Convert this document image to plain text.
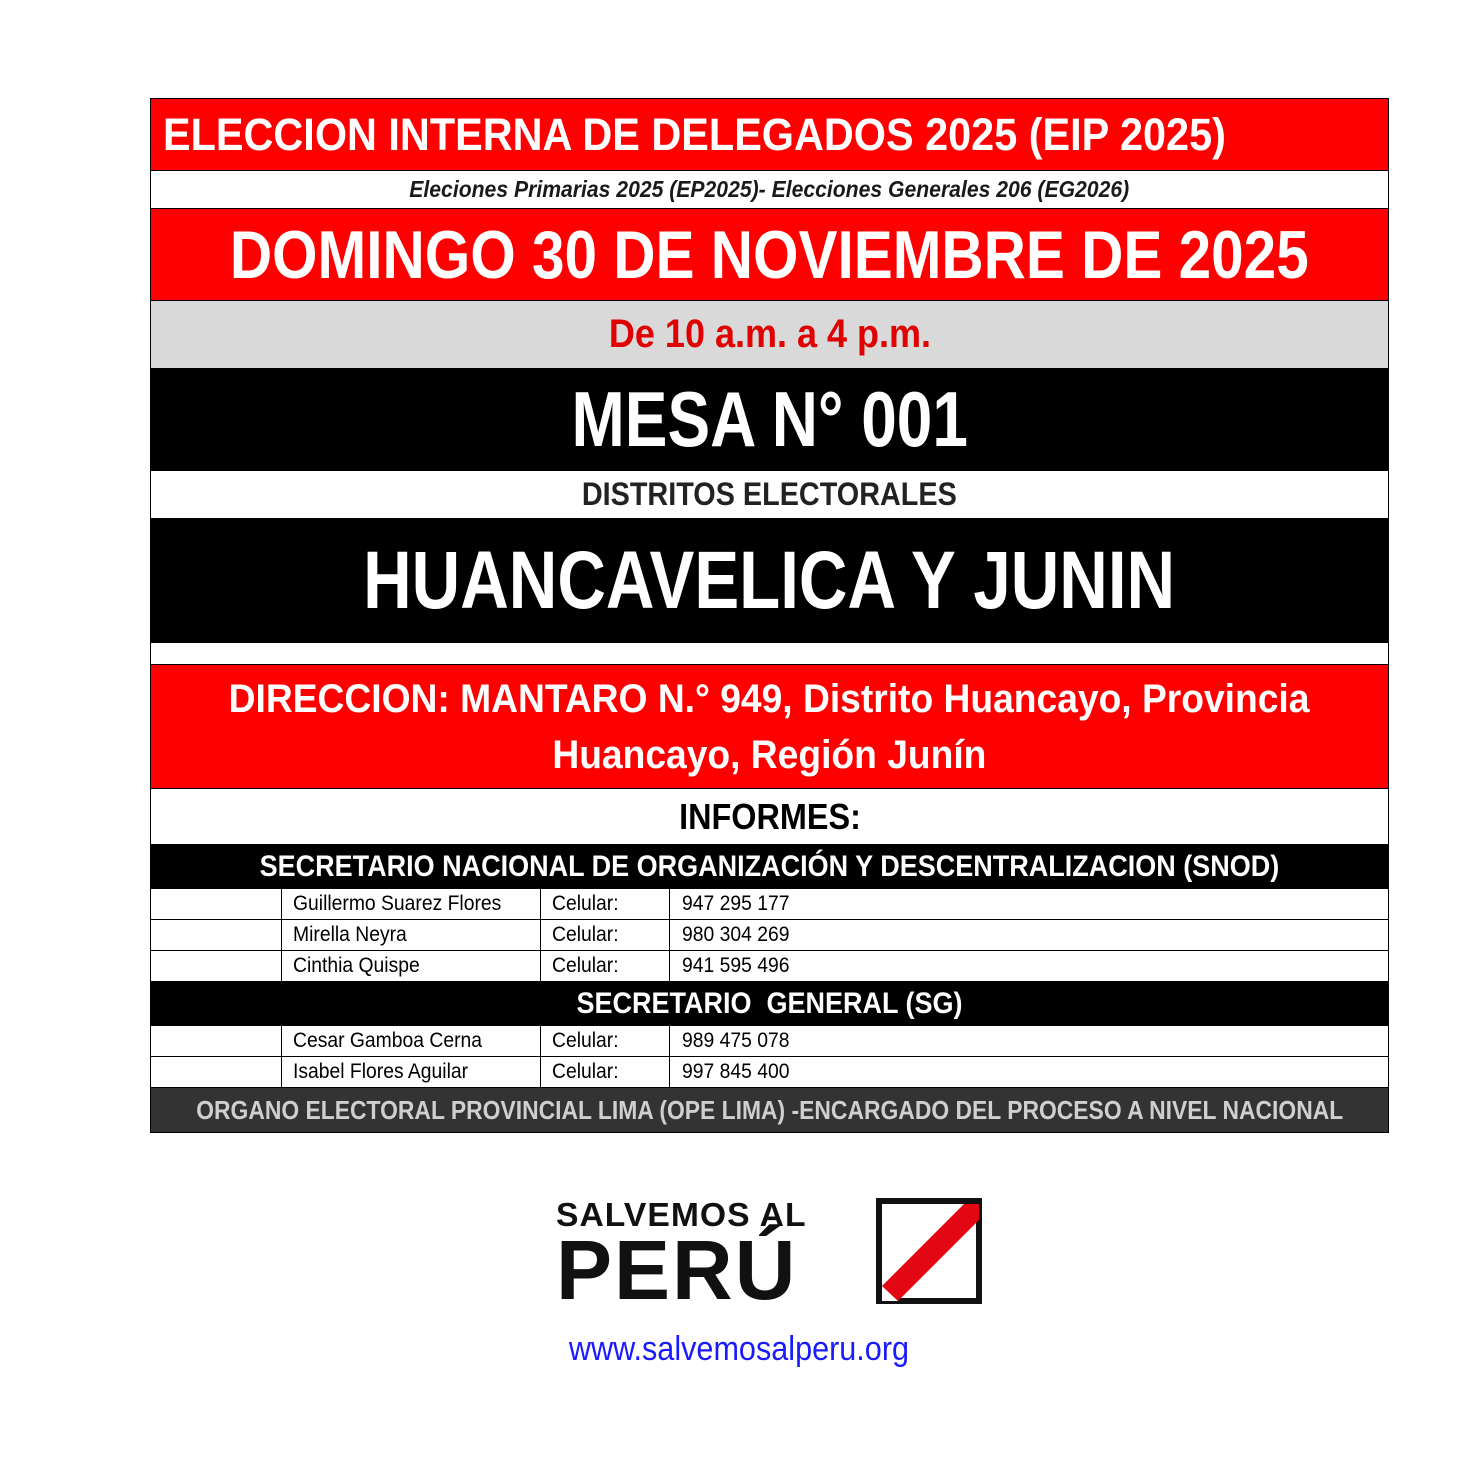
ELECCION INTERNA DE DELEGADOS 2025 (EIP 2025)
Eleciones Primarias 2025 (EP2025)- Elecciones Generales 206 (EG2026)
DOMINGO 30 DE NOVIEMBRE DE 2025
De 10 a.m. a 4 p.m.
MESA N° 001
DISTRITOS ELECTORALES
HUANCAVELICA Y JUNIN
DIRECCION: MANTARO N.° 949, Distrito Huancayo, Provincia
Huancayo, Región Junín
INFORMES:
SECRETARIO NACIONAL DE ORGANIZACIÓN Y DESCENTRALIZACION (SNOD)
Guillermo Suarez Flores Celular:	947 295 177
Mirella Neyra	Celular:	980 304 269
Cinthia Quispe	Celular:	941 595 496
SECRETARIO  GENERAL (SG)
Cesar Gamboa Cerna	Celular:	989 475 078
Isabel Flores Aguilar	Celular:	997 845 400
ORGANO ELECTORAL PROVINCIAL LIMA (OPE LIMA) -ENCARGADO DEL PROCESO A NIVEL NACIONAL
SALVEMOS AL
PERÚ
www.salvemosalperu.org
